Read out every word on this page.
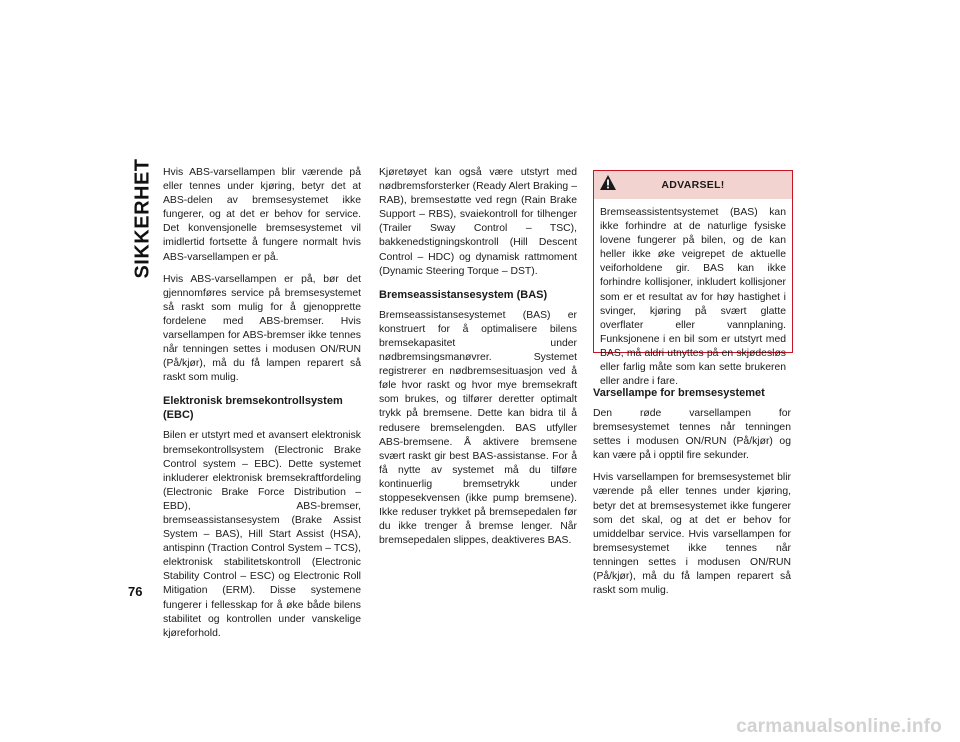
SIKKERHET
76

Hvis ABS-varsellampen blir værende på eller tennes under kjøring, betyr det at ABS-delen av bremsesystemet ikke fungerer, og at det er behov for service. Det konvensjonelle bremsesystemet vil imidlertid fortsette å fungere normalt hvis ABS-varsellampen er på.

Hvis ABS-varsellampen er på, bør det gjennomføres service på bremsesystemet så raskt som mulig for å gjenopprette fordelene med ABS-bremser. Hvis varsellampen for ABS-bremser ikke tennes når tenningen settes i modusen ON/RUN (På/kjør), må du få lampen reparert så raskt som mulig.

Elektronisk bremsekontrollsystem (EBC)

Bilen er utstyrt med et avansert elektronisk bremsekontrollsystem (Electronic Brake Control system – EBC). Dette systemet inkluderer elektronisk bremsekraftfordeling (Electronic Brake Force Distribution – EBD), ABS-bremser, bremseassistansesystem (Brake Assist System – BAS), Hill Start Assist (HSA), antispinn (Traction Control System – TCS), elektronisk stabilitetskontroll (Electronic Stability Control – ESC) og Electronic Roll Mitigation (ERM). Disse systemene fungerer i fellesskap for å øke både bilens stabilitet og kontrollen under vanskelige kjøreforhold.

Kjøretøyet kan også være utstyrt med nødbremsforsterker (Ready Alert Braking – RAB), bremsestøtte ved regn (Rain Brake Support – RBS), svaiekontroll for tilhenger (Trailer Sway Control – TSC), bakkenedstigningskontroll (Hill Descent Control – HDC) og dynamisk rattmoment (Dynamic Steering Torque – DST).

Bremseassistansesystem (BAS)

Bremseassistansesystemet (BAS) er konstruert for å optimalisere bilens bremsekapasitet under nødbremsingsmanøvrer. Systemet registrerer en nødbremsesituasjon ved å føle hvor raskt og hvor mye bremsekraft som brukes, og tilfører deretter optimalt trykk på bremsene. Dette kan bidra til å redusere bremselengden. BAS utfyller ABS-bremsene. Å aktivere bremsene svært raskt gir best BAS-assistanse. For å få nytte av systemet må du tilføre kontinuerlig bremsetrykk under stoppesekvensen (ikke pump bremsene). Ikke reduser trykket på bremsepedalen før du ikke trenger å bremse lenger. Når bremsepedalen slippes, deaktiveres BAS.

ADVARSEL!
Bremseassistentsystemet (BAS) kan ikke forhindre at de naturlige fysiske lovene fungerer på bilen, og de kan heller ikke øke veigrepet de aktuelle veiforholdene gir. BAS kan ikke forhindre kollisjoner, inkludert kollisjoner som er et resultat av for høy hastighet i svinger, kjøring på svært glatte overflater eller vannplaning. Funksjonene i en bil som er utstyrt med BAS, må aldri utnyttes på en skjødesløs eller farlig måte som kan sette brukeren eller andre i fare.
Varsellampe for bremsesystemet

Den røde varsellampen for bremsesystemet tennes når tenningen settes i modusen ON/RUN (På/kjør) og kan være på i opptil fire sekunder.

Hvis varsellampen for bremsesystemet blir værende på eller tennes under kjøring, betyr det at bremsesystemet ikke fungerer som det skal, og at det er behov for umiddelbar service. Hvis varsellampen for bremsesystemet ikke tennes når tenningen settes i modusen ON/RUN (På/kjør), må du få lampen reparert så raskt som mulig.

carmanualsonline.info
